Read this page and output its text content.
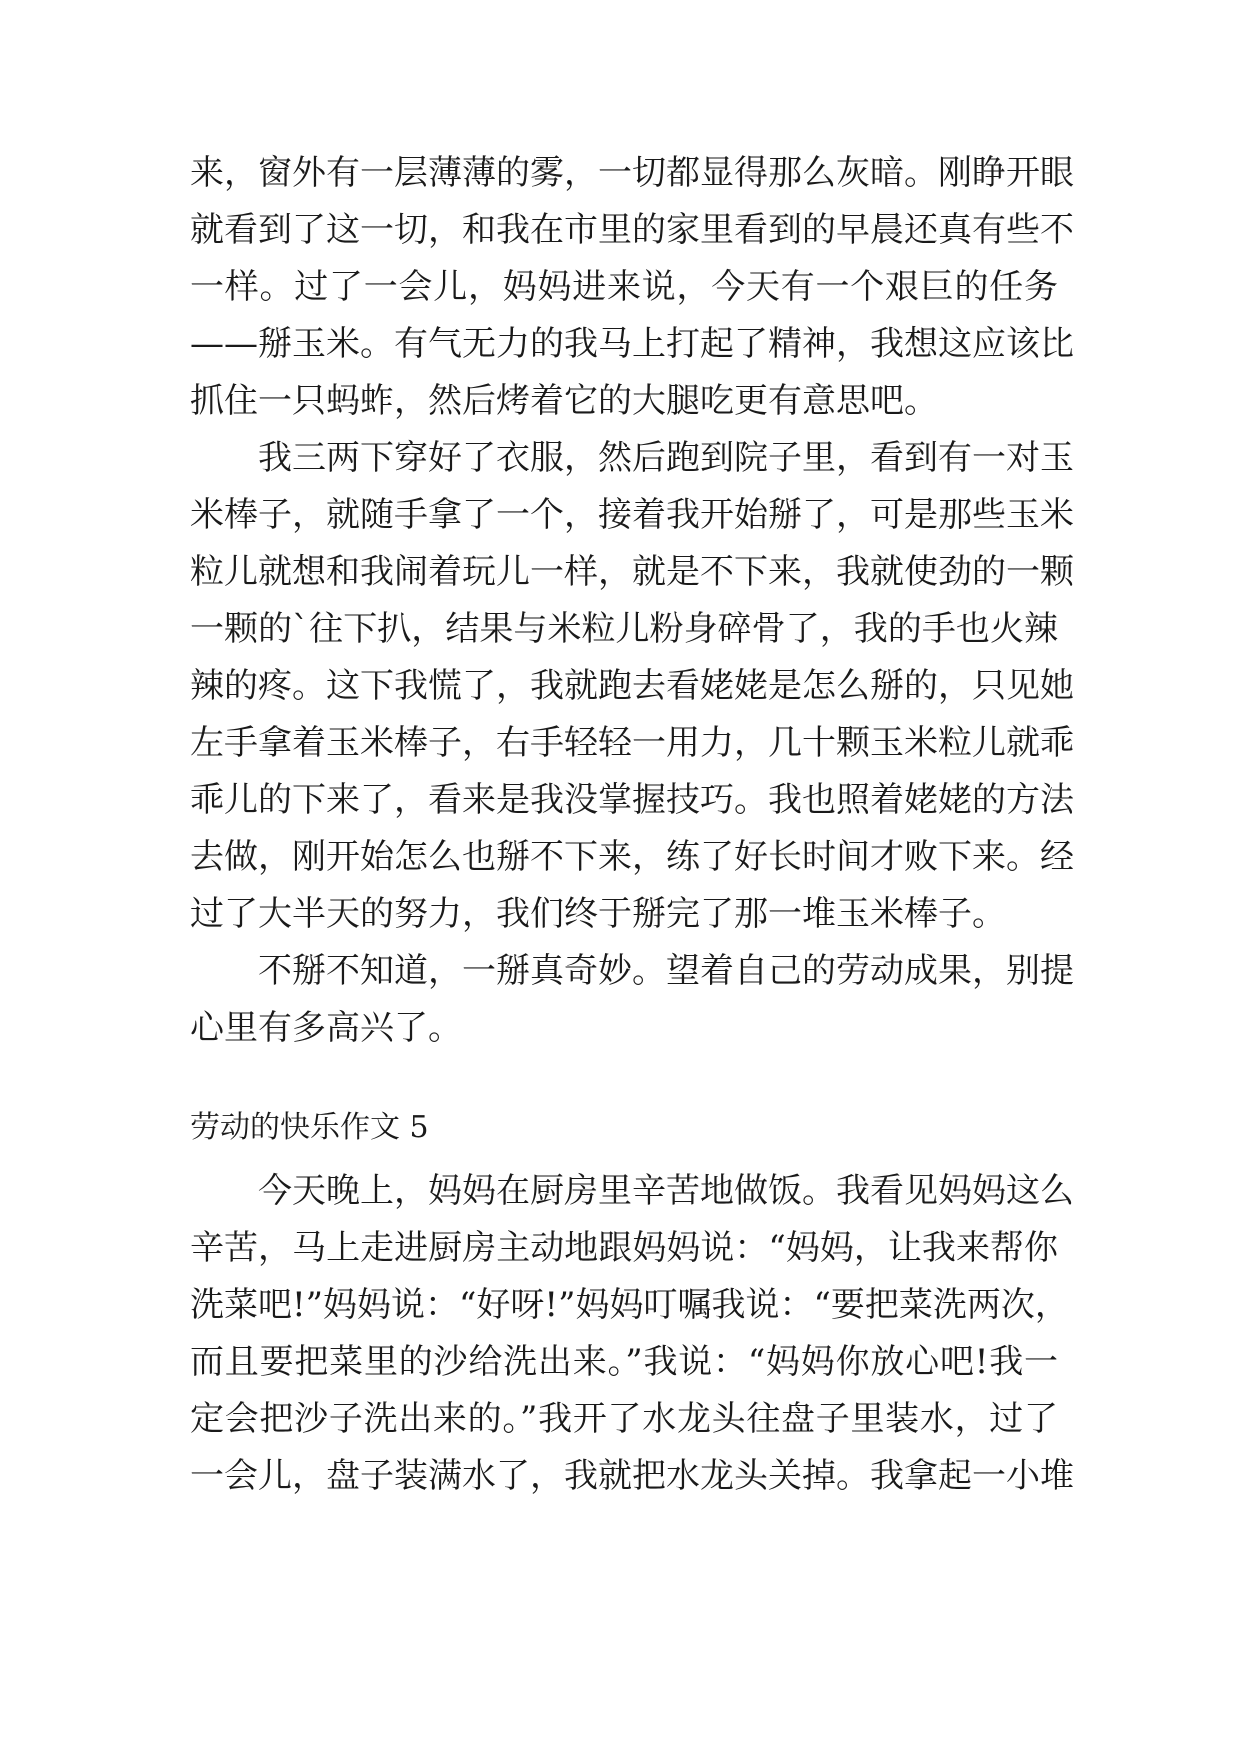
来，窗外有一层薄薄的雾，一切都显得那么灰暗。刚睁开眼
就看到了这一切，和我在市里的家里看到的早晨还真有些不
一样。过了一会儿，妈妈进来说，今天有一个艰巨的任务
——掰玉米。有气无力的我马上打起了精神，我想这应该比
抓住一只蚂蚱，然后烤着它的大腿吃更有意思吧。
我三两下穿好了衣服，然后跑到院子里，看到有一对玉
米棒子，就随手拿了一个，接着我开始掰了，可是那些玉米
粒儿就想和我闹着玩儿一样，就是不下来，我就使劲的一颗
一颗的`往下扒，结果与米粒儿粉身碎骨了，我的手也火辣
辣的疼。这下我慌了，我就跑去看姥姥是怎么掰的，只见她
左手拿着玉米棒子，右手轻轻一用力，几十颗玉米粒儿就乖
乖儿的下来了，看来是我没掌握技巧。我也照着姥姥的方法
去做，刚开始怎么也掰不下来，练了好长时间才败下来。经
过了大半天的努力，我们终于掰完了那一堆玉米棒子。
不掰不知道，一掰真奇妙。望着自己的劳动成果，别提
心里有多高兴了。
劳动的快乐作文 5
今天晚上，妈妈在厨房里辛苦地做饭。我看见妈妈这么
辛苦，马上走进厨房主动地跟妈妈说：“妈妈，让我来帮你
洗菜吧!”妈妈说：“好呀!”妈妈叮嘱我说：“要把菜洗两次，
而且要把菜里的沙给洗出来。”我说：“妈妈你放心吧!我一
定会把沙子洗出来的。”我开了水龙头往盘子里装水，过了
一会儿，盘子装满水了，我就把水龙头关掉。我拿起一小堆
